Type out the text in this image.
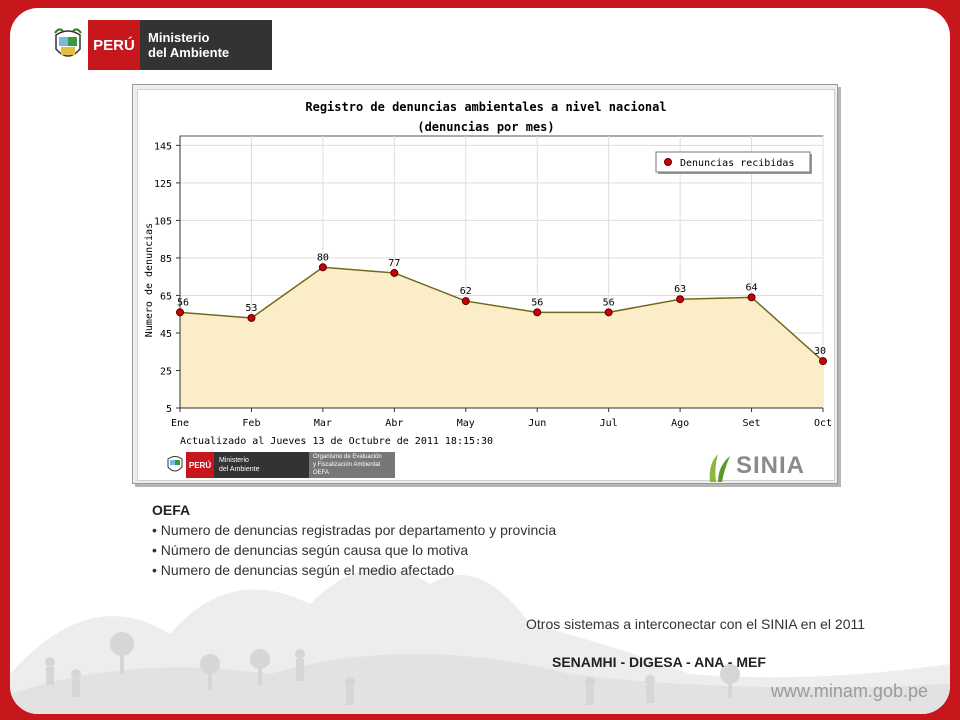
PERÚ	Ministerio
del Ambiente
www.minam.gob.pe
Registro de denuncias ambientales a nivel nacional
(denuncias por mes)
5
25
45
65
85
105
125
145
Ene	Feb	Mar	Abr	May	Jun	Jul	Ago	Set	Oct
Numero de denuncias 56
53
80
77
62
56	56
63	64
30
Denuncias recibidas
Actualizado al Jueves 13 de Octubre de 2011 18:15:30
PERÚ	Ministerio
del Ambiente
Organismo de Evaluación
y Fiscalización Ambiental
OEFA	SINIA
OEFA
• Numero de denuncias registradas por departamento y provincia
• Número de denuncias según causa que lo motiva
• Numero de denuncias según el medio afectado
Otros sistemas a interconectar con el SINIA en el 2011
SENAMHI - DIGESA - ANA - MEF
